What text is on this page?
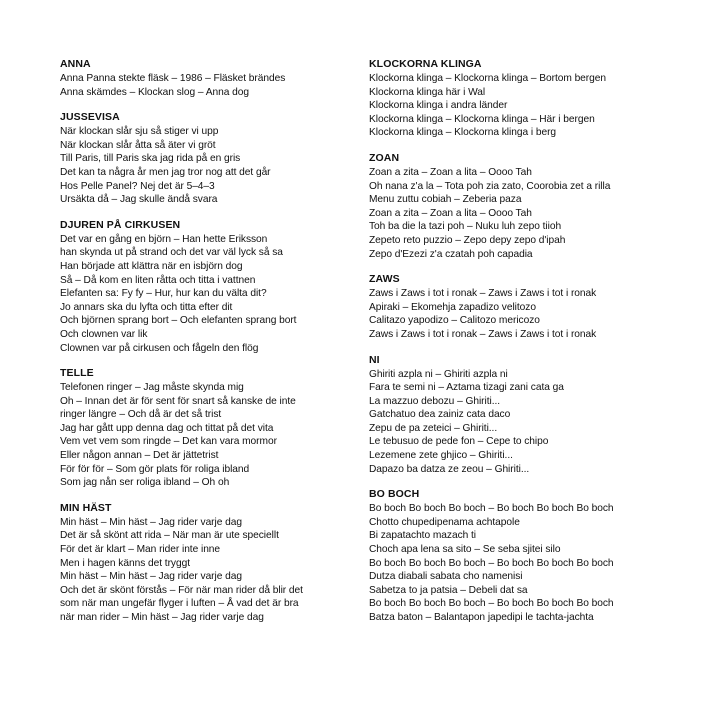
ANNA
Anna Panna stekte fläsk – 1986 – Fläsket brändes
Anna skämdes – Klockan slog – Anna dog
JUSSEVISA
När klockan slår sju så stiger vi upp
När klockan slår åtta så äter vi gröt
Till Paris, till Paris ska jag rida på en gris
Det kan ta några år men jag tror nog att det går
Hos Pelle Panel? Nej det är 5–4–3
Ursäkta då – Jag skulle ändå svara
DJUREN PÅ CIRKUSEN
Det var en gång en björn – Han hette Eriksson
han skynda ut på strand och det var väl lyck så sa
Han började att klättra när en isbjörn dog
Så – Då kom en liten råtta och titta i vattnen
Elefanten sa: Fy fy – Hur, hur kan du välta dit?
Jo annars ska du lyfta och titta efter dit
Och björnen sprang bort – Och elefanten sprang bort
Och clownen var lik
Clownen var på cirkusen och fågeln den flög
TELLE
Telefonen ringer – Jag måste skynda mig
Oh – Innan det är för sent för snart så kanske de inte
ringer längre – Och då är det så trist
Jag har gått upp denna dag och tittat på det vita
Vem vet vem som ringde – Det kan vara mormor
Eller någon annan – Det är jättetrist
För för för – Som gör plats för roliga ibland
Som jag nån ser roliga ibland – Oh oh
MIN HÄST
Min häst – Min häst – Jag rider varje dag
Det är så skönt att rida – När man är ute speciellt
För det är klart – Man rider inte inne
Men i hagen känns det tryggt
Min häst – Min häst – Jag rider varje dag
Och det är skönt förstås – För när man rider då blir det
som när man ungefär flyger i luften – Å vad det är bra
när man rider – Min häst – Jag rider varje dag
KLOCKORNA KLINGA
Klockorna klinga – Klockorna klinga – Bortom bergen
Klockorna klinga här i Wal
Klockorna klinga i andra länder
Klockorna klinga – Klockorna klinga – Här i bergen
Klockorna klinga – Klockorna klinga i berg
ZOAN
Zoan a zita – Zoan a lita – Oooo Tah
Oh nana z'a la – Tota poh zia zato, Coorobia zet a rilla
Menu zuttu cobiah – Zeberia paza
Zoan a zita – Zoan a lita – Oooo Tah
Toh ba die la tazi poh – Nuku luh zepo tiioh
Zepeto reto puzzio – Zepo depy zepo d'ipah
Zepo d'Ezezi z'a czatah poh capadia
ZAWS
Zaws i Zaws i tot i ronak – Zaws i Zaws i tot i ronak
Apiraki – Ekomehja zapadizo velitozo
Calitazo yapodizo – Calitozo mericozo
Zaws i Zaws i tot i ronak – Zaws i Zaws i tot i ronak
NI
Ghiriti azpla ni – Ghiriti azpla ni
Fara te semi ni – Aztama tizagi zani cata ga
La mazzuo debozu – Ghiriti...
Gatchatuo dea zainiz cata daco
Zepu de pa zeteici – Ghiriti...
Le tebusuo de pede fon – Cepe to chipo
Lezemene zete ghjico – Ghiriti...
Dapazo ba datza ze zeou – Ghiriti...
BO BOCH
Bo boch Bo boch Bo boch – Bo boch Bo boch Bo boch
Chotto chupedipenama achtapole
Bi zapatachto mazach ti
Choch apa lena sa sito – Se seba sjitei silo
Bo boch Bo boch Bo boch – Bo boch Bo boch Bo boch
Dutza diabali sabata cho namenisi
Sabetza to ja patsia – Debeli dat sa
Bo boch Bo boch Bo boch – Bo boch Bo boch Bo boch
Batza baton – Balantapon japedipi le tachta-jachta
